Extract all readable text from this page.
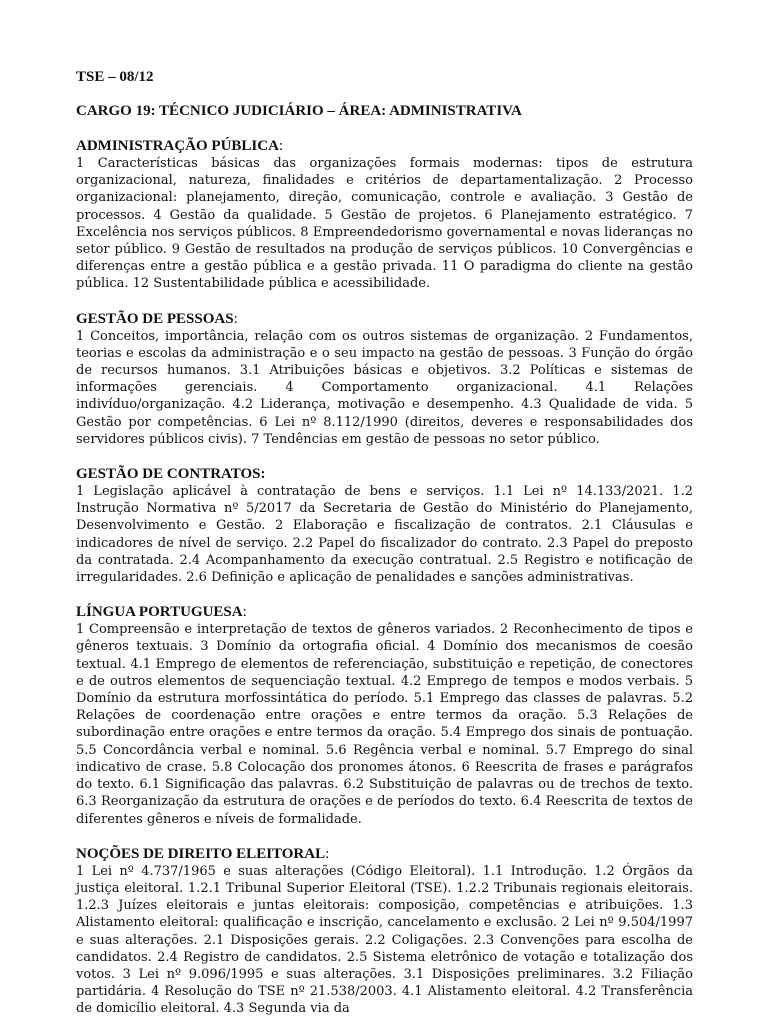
TSE – 08/12

CARGO 19: TÉCNICO JUDICIÁRIO – ÁREA: ADMINISTRATIVA

ADMINISTRAÇÃO PÚBLICA:

1 Características básicas das organizações formais modernas: tipos de estrutura organizacional, natureza, finalidades e critérios de departamentalização. 2 Processo organizacional: planejamento, direção, comunicação, controle e avaliação. 3 Gestão de processos. 4 Gestão da qualidade. 5 Gestão de projetos. 6 Planejamento estratégico. 7 Excelência nos serviços públicos. 8 Empreendedorismo governamental e novas lideranças no setor público. 9 Gestão de resultados na produção de serviços públicos. 10 Convergências e diferenças entre a gestão pública e a gestão privada. 11 O paradigma do cliente na gestão pública. 12 Sustentabilidade pública e acessibilidade.

GESTÃO DE PESSOAS:

1 Conceitos, importância, relação com os outros sistemas de organização. 2 Fundamentos, teorias e escolas da administração e o seu impacto na gestão de pessoas. 3 Função do órgão de recursos humanos. 3.1 Atribuições básicas e objetivos. 3.2 Políticas e sistemas de informações gerenciais. 4 Comportamento organizacional. 4.1 Relações indivíduo/organização. 4.2 Liderança, motivação e desempenho. 4.3 Qualidade de vida. 5 Gestão por competências. 6 Lei nº 8.112/1990 (direitos, deveres e responsabilidades dos servidores públicos civis). 7 Tendências em gestão de pessoas no setor público.

GESTÃO DE CONTRATOS:

1 Legislação aplicável à contratação de bens e serviços. 1.1 Lei nº 14.133/2021. 1.2 Instrução Normativa nº 5/2017 da Secretaria de Gestão do Ministério do Planejamento, Desenvolvimento e Gestão. 2 Elaboração e fiscalização de contratos. 2.1 Cláusulas e indicadores de nível de serviço. 2.2 Papel do fiscalizador do contrato. 2.3 Papel do preposto da contratada. 2.4 Acompanhamento da execução contratual. 2.5 Registro e notificação de irregularidades. 2.6 Definição e aplicação de penalidades e sanções administrativas.

LÍNGUA PORTUGUESA:

1 Compreensão e interpretação de textos de gêneros variados. 2 Reconhecimento de tipos e gêneros textuais. 3 Domínio da ortografia oficial. 4 Domínio dos mecanismos de coesão textual. 4.1 Emprego de elementos de referenciação, substituição e repetição, de conectores e de outros elementos de sequenciação textual. 4.2 Emprego de tempos e modos verbais. 5 Domínio da estrutura morfossintática do período. 5.1 Emprego das classes de palavras. 5.2 Relações de coordenação entre orações e entre termos da oração. 5.3 Relações de subordinação entre orações e entre termos da oração. 5.4 Emprego dos sinais de pontuação. 5.5 Concordância verbal e nominal. 5.6 Regência verbal e nominal. 5.7 Emprego do sinal indicativo de crase. 5.8 Colocação dos pronomes átonos. 6 Reescrita de frases e parágrafos do texto. 6.1 Significação das palavras. 6.2 Substituição de palavras ou de trechos de texto. 6.3 Reorganização da estrutura de orações e de períodos do texto. 6.4 Reescrita de textos de diferentes gêneros e níveis de formalidade.

NOÇÕES DE DIREITO ELEITORAL:

1 Lei nº 4.737/1965 e suas alterações (Código Eleitoral). 1.1 Introdução. 1.2 Órgãos da justiça eleitoral. 1.2.1 Tribunal Superior Eleitoral (TSE). 1.2.2 Tribunais regionais eleitorais. 1.2.3 Juízes eleitorais e juntas eleitorais: composição, competências e atribuições. 1.3 Alistamento eleitoral: qualificação e inscrição, cancelamento e exclusão. 2 Lei nº 9.504/1997 e suas alterações. 2.1 Disposições gerais. 2.2 Coligações. 2.3 Convenções para escolha de candidatos. 2.4 Registro de candidatos. 2.5 Sistema eletrônico de votação e totalização dos votos. 3 Lei nº 9.096/1995 e suas alterações. 3.1 Disposições preliminares. 3.2 Filiação partidária. 4 Resolução do TSE nº 21.538/2003. 4.1 Alistamento eleitoral. 4.2 Transferência de domicílio eleitoral. 4.3 Segunda via da
